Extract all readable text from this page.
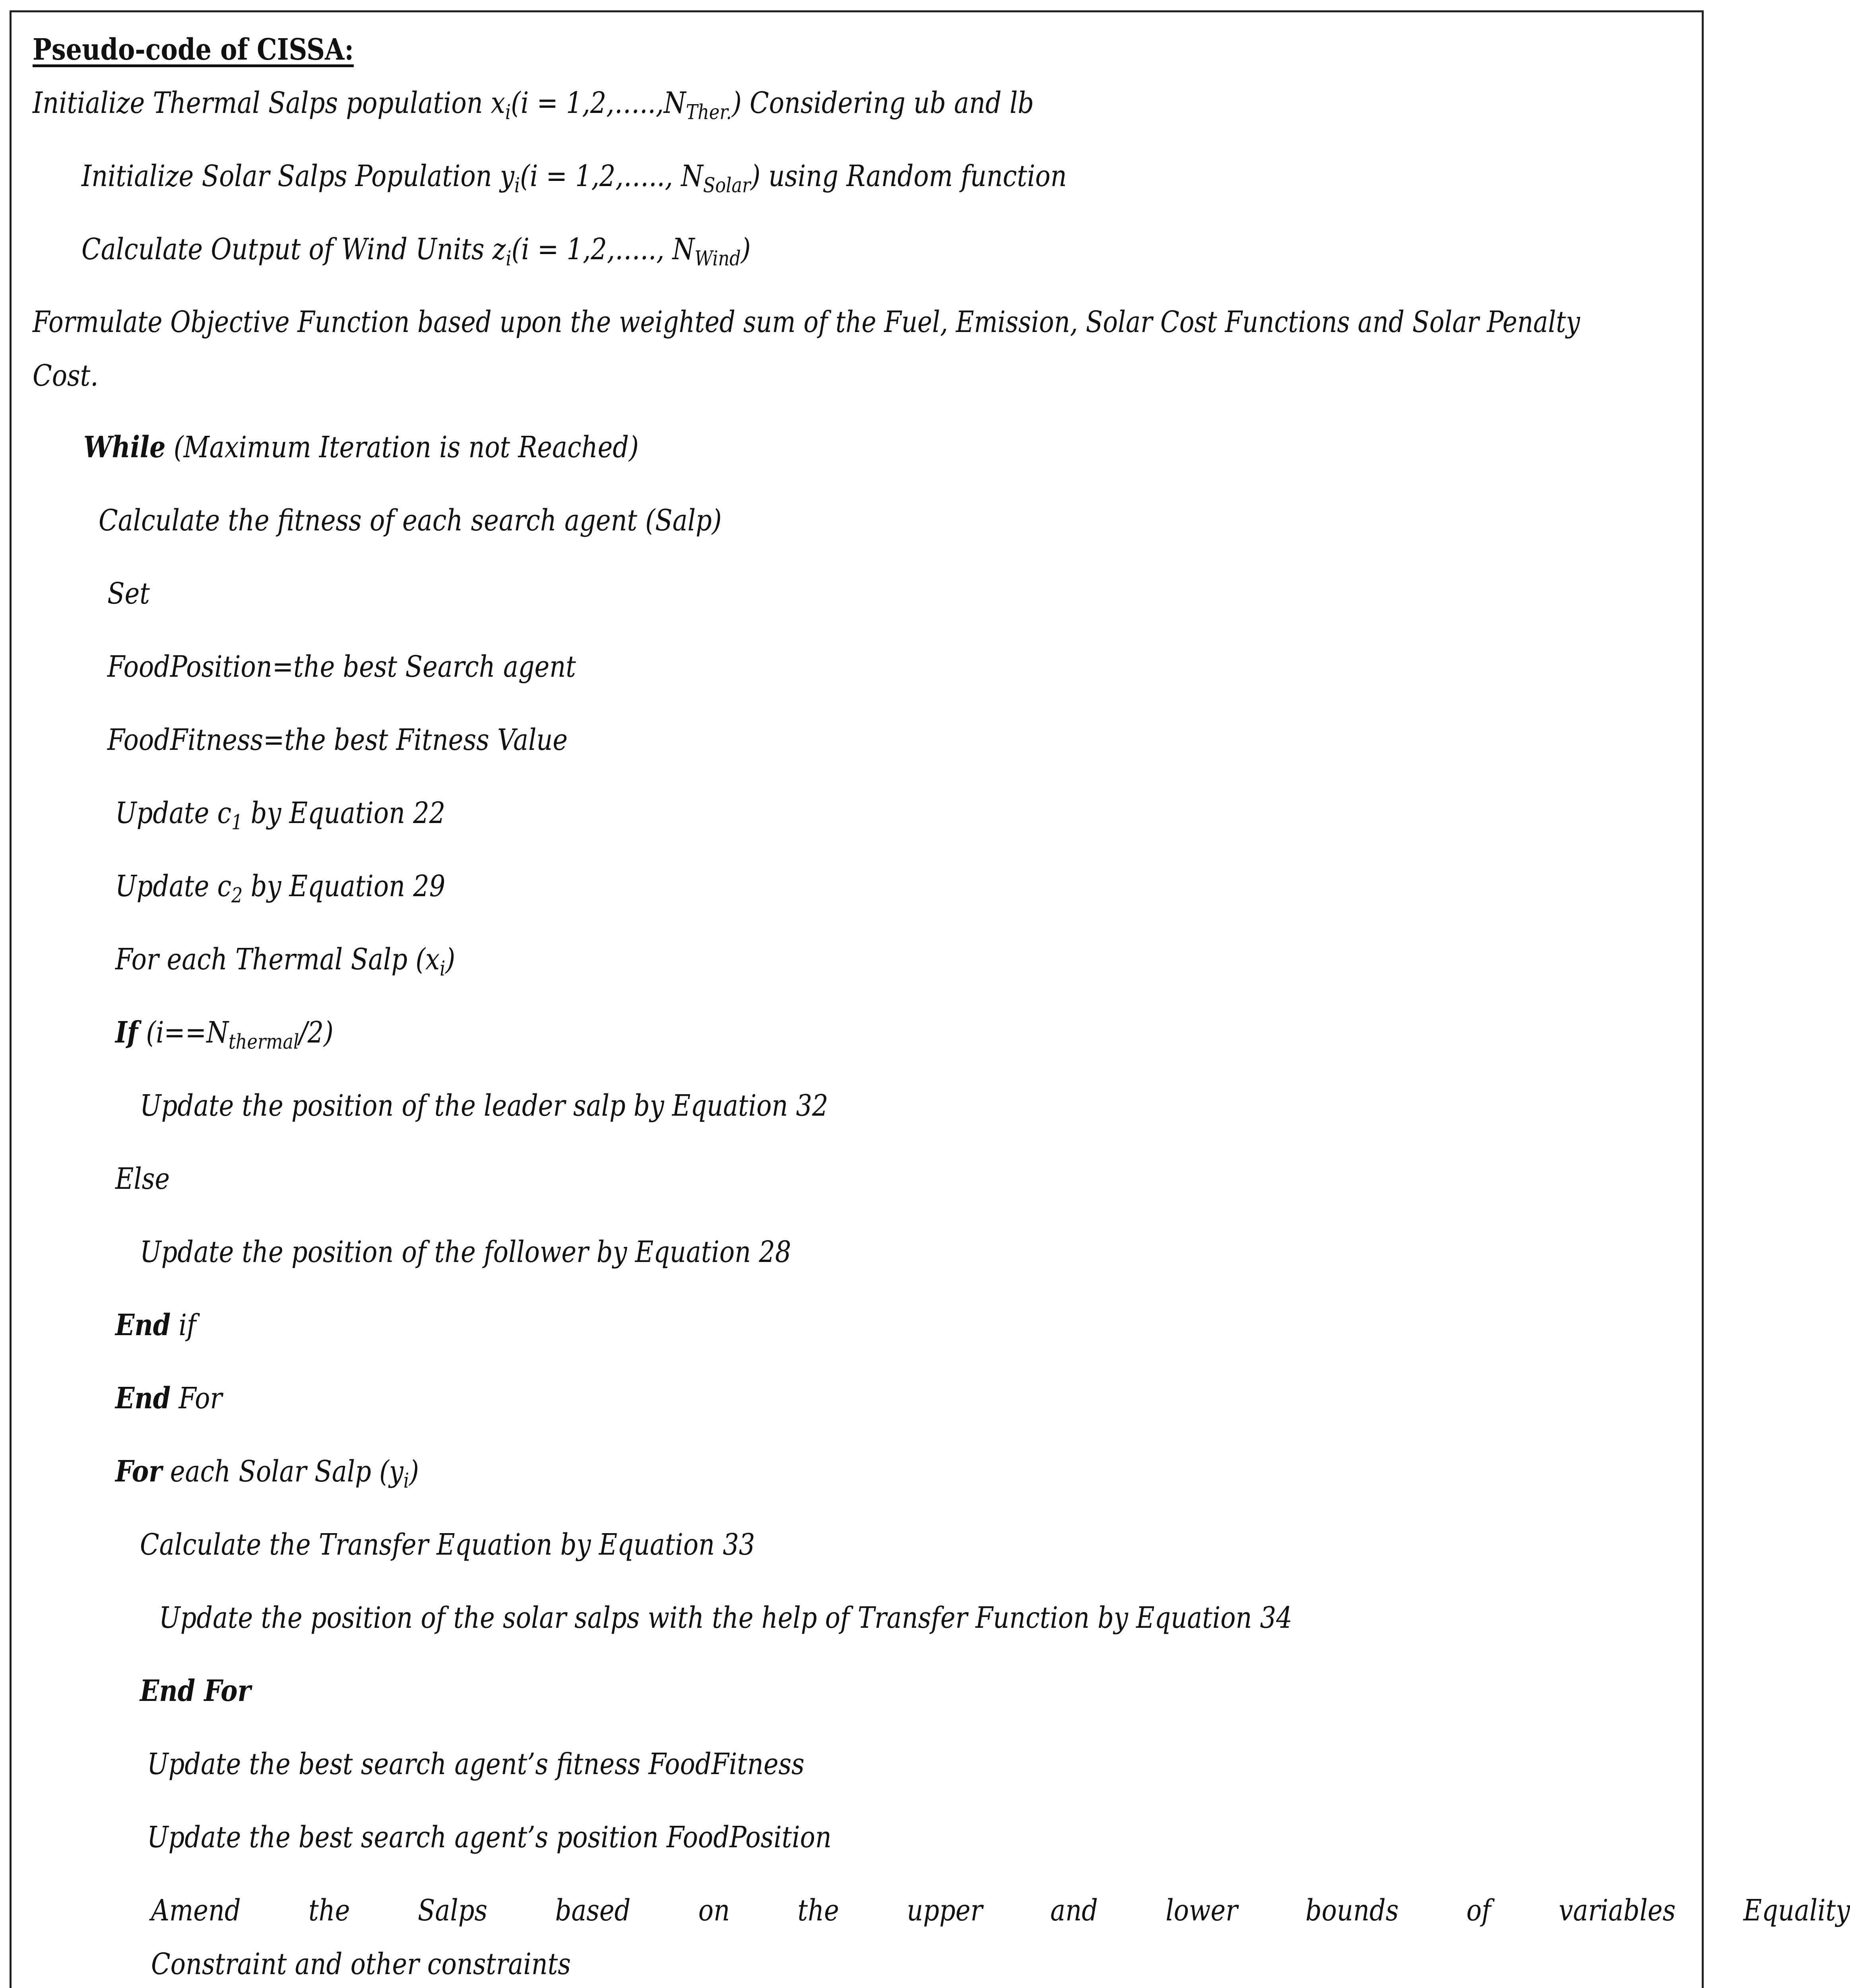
Pseudo-code of CISSA:
Initialize Thermal Salps population $x_i(i$ = $1,2,\dots..,N_{Ther.}$) Considering ub and lb
Initialize Solar Salps Population $y_i(i$ = 1,2,….., $N_{Solar}$) using Random function
Calculate Output of Wind Units $z_i(i$ = 1,2,….., $N_{Wind}$)
Formulate Objective Function based upon the weighted sum of the Fuel, Emission, Solar Cost Functions and Solar Penalty
Cost.
While (Maximum Iteration is not Reached)
Calculate the fitness of each search agent (Salp)
Set
FoodPosition=the best Search agent
FoodFitness=the best Fitness Value
Update $c_1$ by Equation 22
Update $c_2$ by Equation 29
For each Thermal Salp $(x_i)$
If $(i==N_{thermal}/2)$
Update the position of the leader salp by Equation 32
Else
Update the position of the follower by Equation 28
End if
End For
For each Solar Salp $(y_i)$
Calculate the Transfer Equation by Equation 33
Update the position of the solar salps with the help of Transfer Function by Equation 34
End For
Update the best search agent’s fitness FoodFitness
Update the best search agent’s position FoodPosition
Amend the Salps based on the upper and lower bounds of variables Equality
Constraint and other constraints
